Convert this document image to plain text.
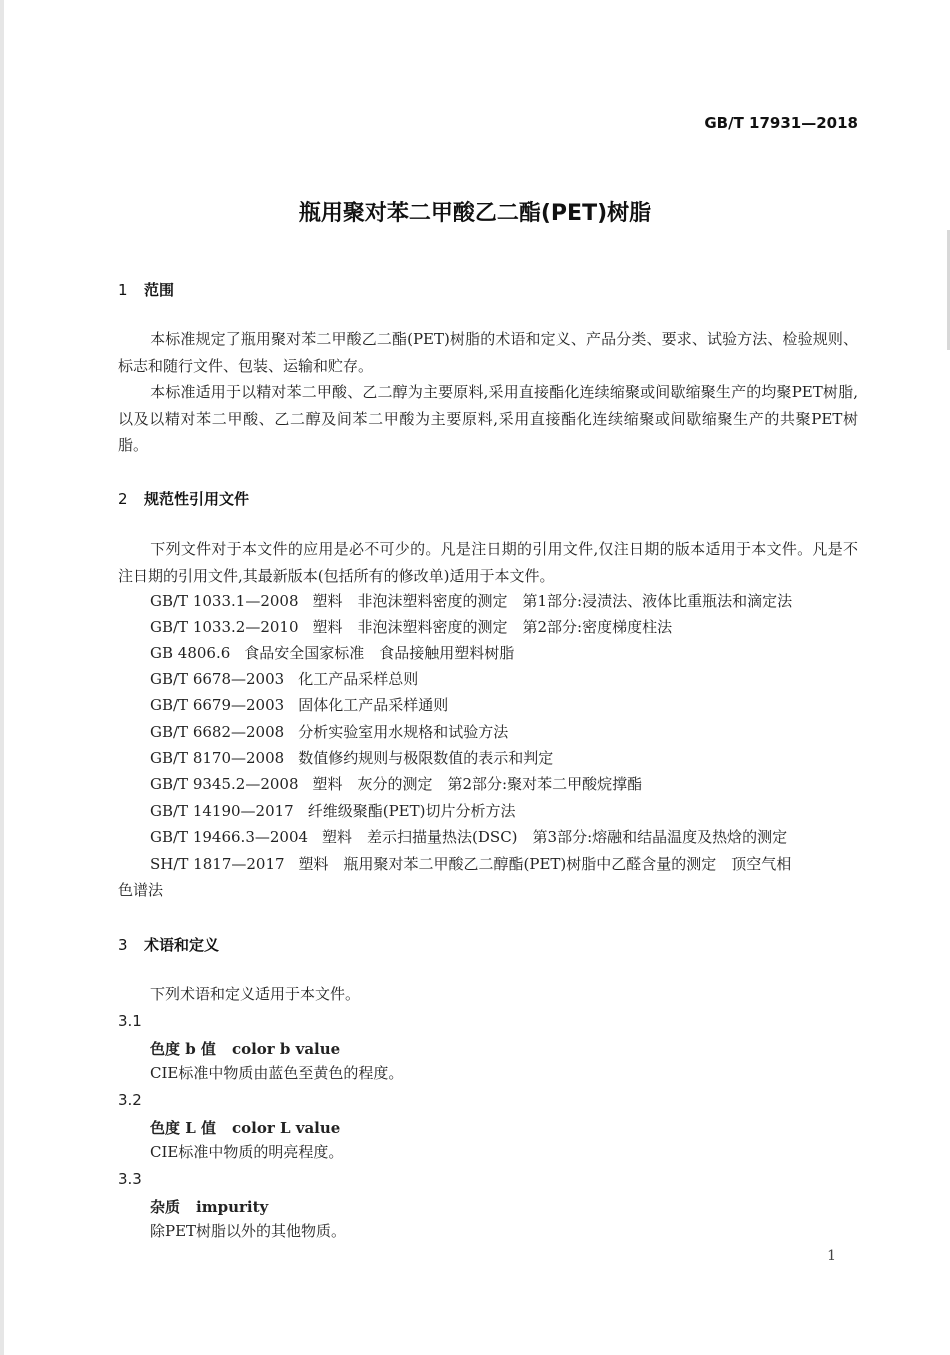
GB/T 17931—2018
瓶用聚对苯二甲酸乙二酯(PET)树脂
1 范围
本标准规定了瓶用聚对苯二甲酸乙二酯(PET)树脂的术语和定义、产品分类、要求、试验方法、检验规则、标志和随行文件、包装、运输和贮存。
本标准适用于以精对苯二甲酸、乙二醇为主要原料,采用直接酯化连续缩聚或间歇缩聚生产的均聚PET树脂,以及以精对苯二甲酸、乙二醇及间苯二甲酸为主要原料,采用直接酯化连续缩聚或间歇缩聚生产的共聚PET树脂。
2 规范性引用文件
下列文件对于本文件的应用是必不可少的。凡是注日期的引用文件,仅注日期的版本适用于本文件。凡是不注日期的引用文件,其最新版本(包括所有的修改单)适用于本文件。
GB/T 1033.1—2008 塑料　非泡沫塑料密度的测定　第1部分:浸渍法、液体比重瓶法和滴定法
GB/T 1033.2—2010 塑料　非泡沫塑料密度的测定　第2部分:密度梯度柱法
GB 4806.6 食品安全国家标准　食品接触用塑料树脂
GB/T 6678—2003 化工产品采样总则
GB/T 6679—2003 固体化工产品采样通则
GB/T 6682—2008 分析实验室用水规格和试验方法
GB/T 8170—2008 数值修约规则与极限数值的表示和判定
GB/T 9345.2—2008 塑料　灰分的测定　第2部分:聚对苯二甲酸烷撑酯
GB/T 14190—2017 纤维级聚酯(PET)切片分析方法
GB/T 19466.3—2004 塑料　差示扫描量热法(DSC)　第3部分:熔融和结晶温度及热焓的测定
SH/T 1817—2017 塑料　瓶用聚对苯二甲酸乙二醇酯(PET)树脂中乙醛含量的测定　顶空气相
色谱法
3 术语和定义
下列术语和定义适用于本文件。
3.1
色度 b 值 color b value
CIE标准中物质由蓝色至黄色的程度。
3.2
色度 L 值 color L value
CIE标准中物质的明亮程度。
3.3
杂质 impurity
除PET树脂以外的其他物质。
1
